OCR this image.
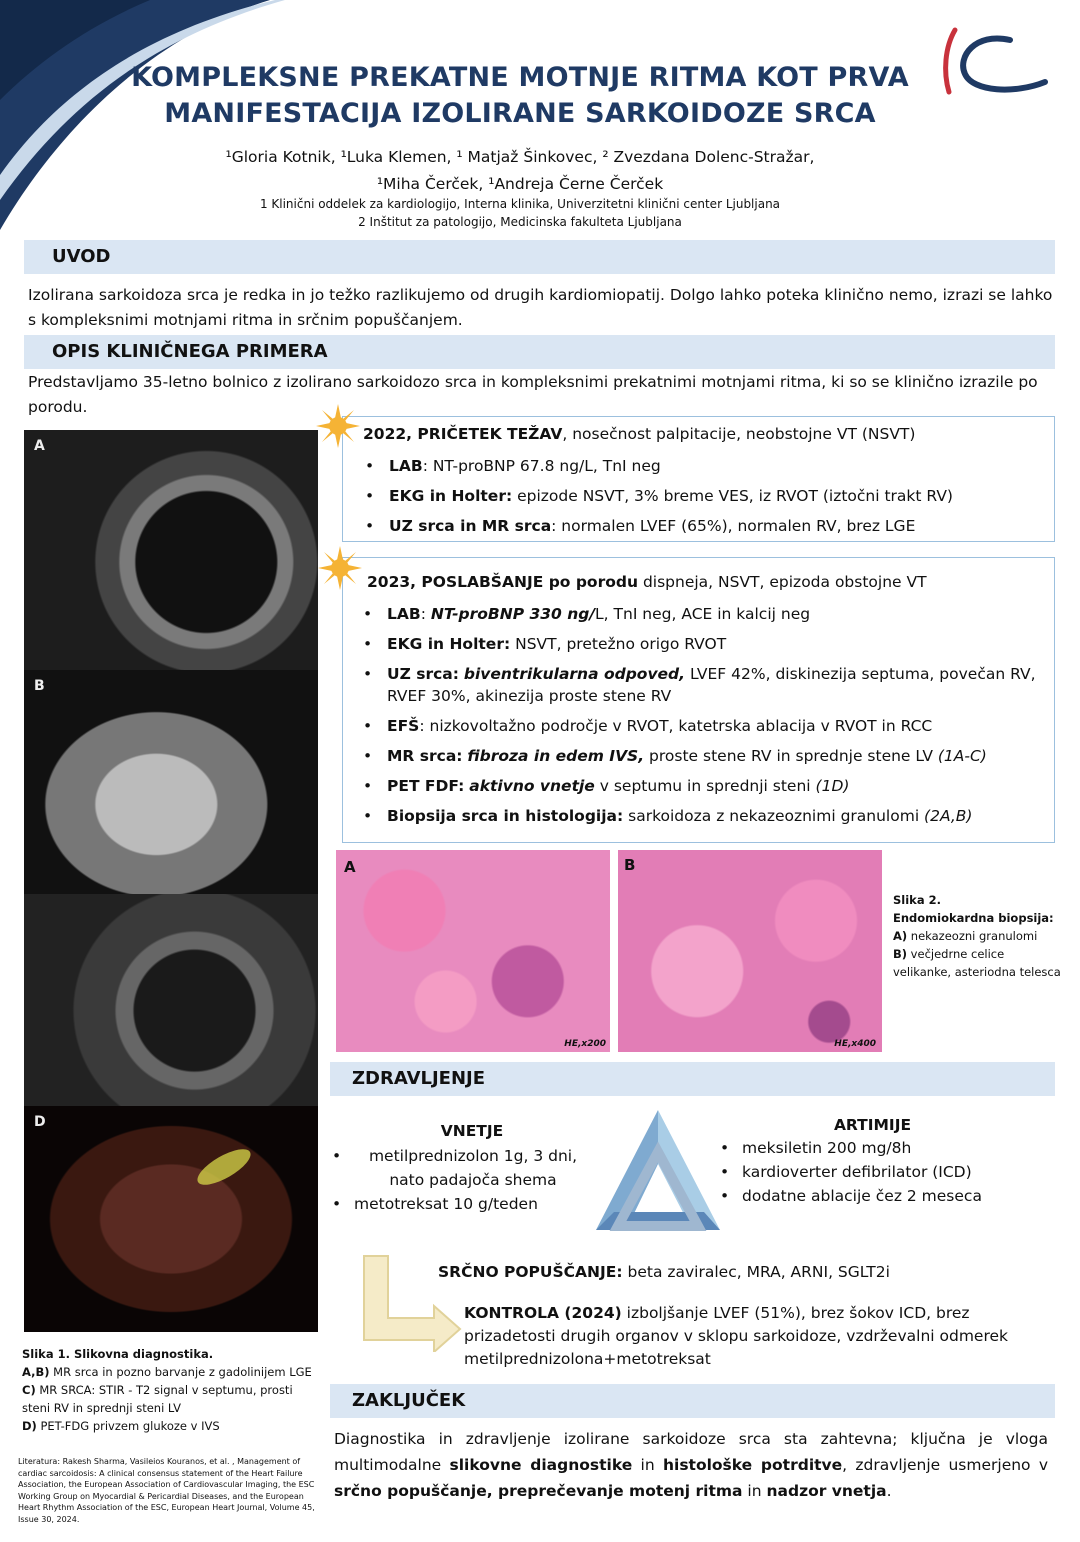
KOMPLEKSNE PREKATNE MOTNJE RITMA KOT PRVA
MANIFESTACIJA IZOLIRANE SARKOIDOZE SRCA
¹Gloria Kotnik, ¹Luka Klemen, ¹ Matjaž Šinkovec, ² Zvezdana Dolenc-Stražar,
¹Miha Čerček, ¹Andreja Černe Čerček
1 Klinični oddelek za kardiologijo, Interna klinika, Univerzitetni klinični center Ljubljana
2 Inštitut za patologijo, Medicinska fakulteta Ljubljana
UVOD
Izolirana sarkoidoza srca je redka in jo težko razlikujemo od drugih kardiomiopatij. Dolgo lahko poteka klinično nemo, izrazi se lahko s kompleksnimi motnjami ritma in srčnim popuščanjem.
OPIS KLINIČNEGA PRIMERA
Predstavljamo 35-letno bolnico z izolirano sarkoidozo srca in kompleksnimi prekatnimi motnjami ritma, ki so se klinično izrazile po porodu.
A
B
D
Slika 1. Slikovna diagnostika.
A,B) MR srca in pozno barvanje z gadolinijem LGE
C) MR SRCA: STIR - T2 signal v septumu, prosti steni RV in sprednji steni LV
D) PET-FDG privzem glukoze v IVS
Literatura: Rakesh Sharma, Vasileios Kouranos, et al. , Management of cardiac sarcoidosis: A clinical consensus statement of the Heart Failure Association, the European Association of Cardiovascular Imaging, the ESC Working Group on Myocardial & Pericardial Diseases, and the European Heart Rhythm Association of the ESC, European Heart Journal, Volume 45, Issue 30, 2024.
2022, PRIČETEK TEŽAV, nosečnost palpitacije, neobstojne VT (NSVT)
• LAB: NT-proBNP 67.8 ng/L, TnI neg
• EKG in Holter: epizode NSVT, 3% breme VES, iz RVOT (iztočni trakt RV)
• UZ srca in MR srca: normalen LVEF (65%), normalen RV, brez LGE
2023, POSLABŠANJE po porodu dispneja, NSVT, epizoda obstojne VT
• LAB: NT-proBNP 330 ng/L, TnI neg, ACE in kalcij neg
• EKG in Holter: NSVT, pretežno origo RVOT
• UZ srca: biventrikularna odpoved, LVEF 42%, diskinezija septuma, povečan RV, RVEF 30%, akinezija proste stene RV
• EFŠ: nizkovoltažno področje v RVOT, katetrska ablacija v RVOT in RCC
• MR srca: fibroza in edem IVS, proste stene RV in sprednje stene LV (1A-C)
• PET FDF: aktivno vnetje v septumu in sprednji steni (1D)
• Biopsija srca in histologija: sarkoidoza z nekazeoznimi granulomi (2A,B)
A
HE,x200
B
HE,x400
Slika 2.
Endomiokardna biopsija:
A) nekazeozni granulomi
B) večjedrne celice velikanke, asteriodna telesca
ZDRAVLJENJE
VNETJE
• metilprednizolon 1g, 3 dni, nato padajoča shema
• metotreksat 10 g/teden
ARTIMIJE
• meksiletin 200 mg/8h
• kardioverter defibrilator (ICD)
• dodatne ablacije čez 2 meseca
SRČNO POPUŠČANJE: beta zaviralec, MRA, ARNI, SGLT2i
KONTROLA (2024) izboljšanje LVEF (51%), brez šokov ICD, brez prizadetosti drugih organov v sklopu sarkoidoze, vzdrževalni odmerek metilprednizolona+metotreksat
ZAKLJUČEK
Diagnostika in zdravljenje izolirane sarkoidoze srca sta zahtevna; ključna je vloga multimodalne slikovne diagnostike in histološke potrditve, zdravljenje usmerjeno v srčno popuščanje, preprečevanje motenj ritma in nadzor vnetja.
